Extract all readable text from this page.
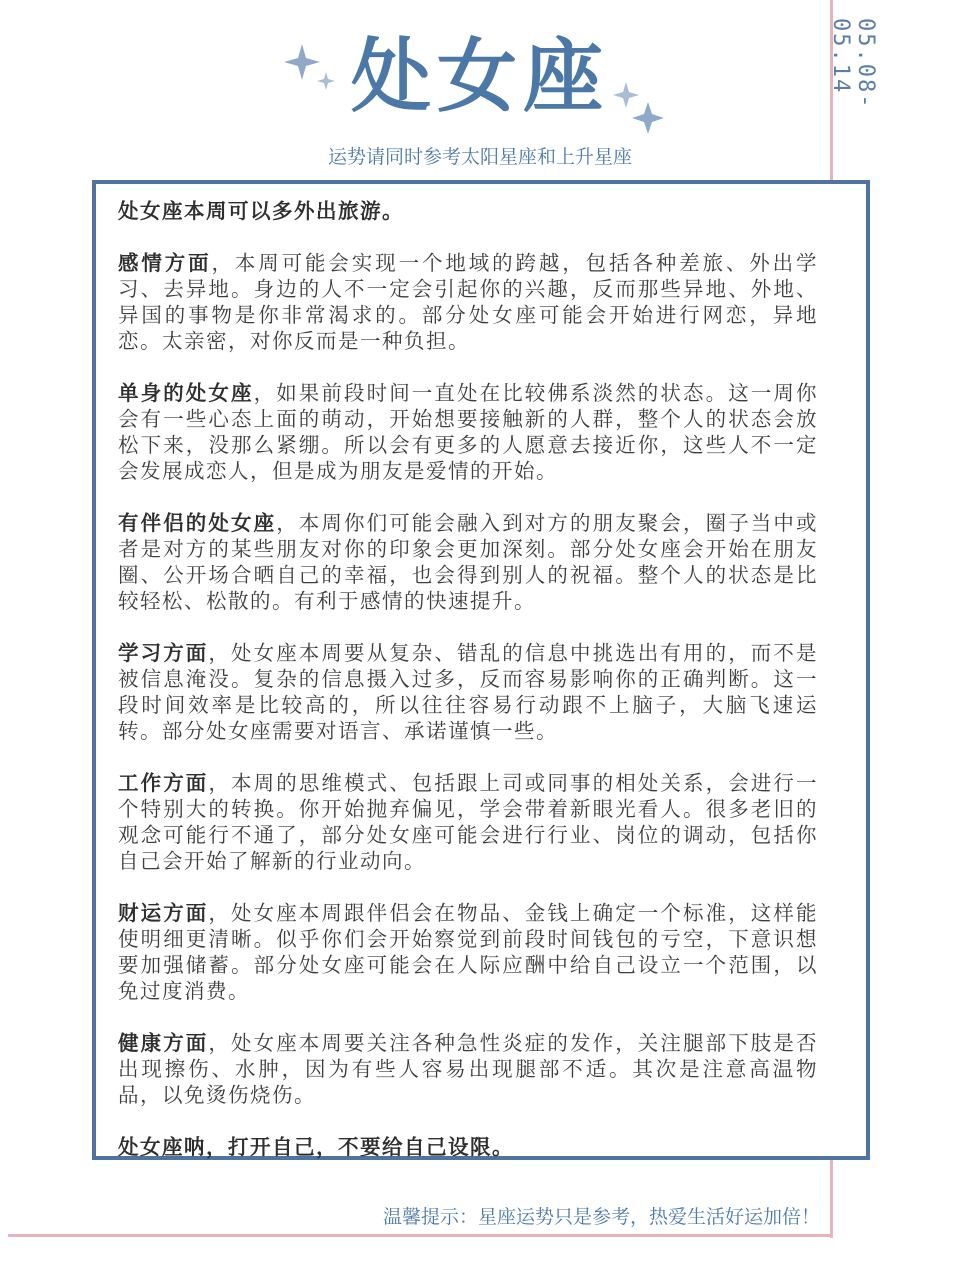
05.08-05.14
处女座
运势请同时参考太阳星座和上升星座

处女座本周可以多外出旅游。

感情方面，本周可能会实现一个地域的跨越，包括各种差旅、外出学习、去异地。身边的人不一定会引起你的兴趣，反而那些异地、外地、异国的事物是你非常渴求的。部分处女座可能会开始进行网恋，异地恋。太亲密，对你反而是一种负担。

单身的处女座，如果前段时间一直处在比较佛系淡然的状态。这一周你会有一些心态上面的萌动，开始想要接触新的人群，整个人的状态会放松下来，没那么紧绷。所以会有更多的人愿意去接近你，这些人不一定会发展成恋人，但是成为朋友是爱情的开始。

有伴侣的处女座，本周你们可能会融入到对方的朋友聚会，圈子当中或者是对方的某些朋友对你的印象会更加深刻。部分处女座会开始在朋友圈、公开场合晒自己的幸福，也会得到别人的祝福。整个人的状态是比较轻松、松散的。有利于感情的快速提升。

学习方面，处女座本周要从复杂、错乱的信息中挑选出有用的，而不是被信息淹没。复杂的信息摄入过多，反而容易影响你的正确判断。这一段时间效率是比较高的，所以往往容易行动跟不上脑子，大脑飞速运转。部分处女座需要对语言、承诺谨慎一些。

工作方面，本周的思维模式、包括跟上司或同事的相处关系，会进行一个特别大的转换。你开始抛弃偏见，学会带着新眼光看人。很多老旧的观念可能行不通了，部分处女座可能会进行行业、岗位的调动，包括你自己会开始了解新的行业动向。

财运方面，处女座本周跟伴侣会在物品、金钱上确定一个标准，这样能使明细更清晰。似乎你们会开始察觉到前段时间钱包的亏空，下意识想要加强储蓄。部分处女座可能会在人际应酬中给自己设立一个范围，以免过度消费。

健康方面，处女座本周要关注各种急性炎症的发作，关注腿部下肢是否出现擦伤、水肿，因为有些人容易出现腿部不适。其次是注意高温物品，以免烫伤烧伤。

处女座呐，打开自己，不要给自己设限。

温馨提示：星座运势只是参考，热爱生活好运加倍！
